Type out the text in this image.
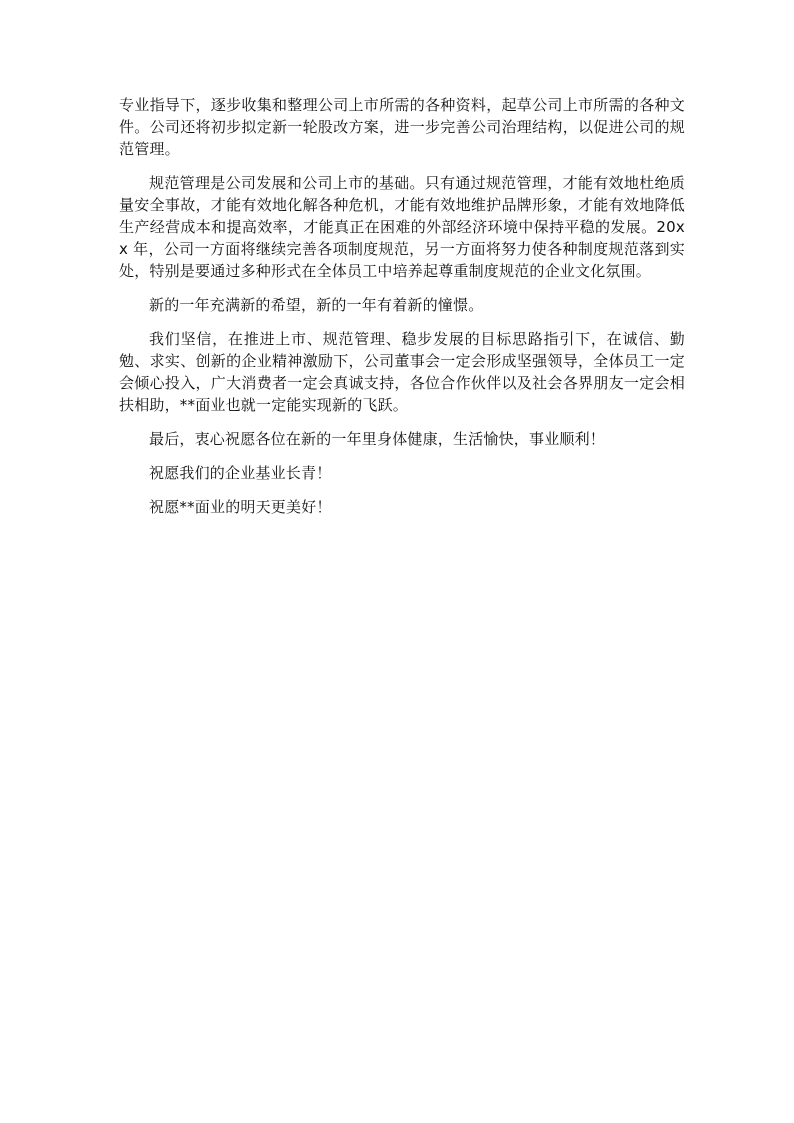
专业指导下，逐步收集和整理公司上市所需的各种资料，起草公司上市所需的各种文件。公司还将初步拟定新一轮股改方案，进一步完善公司治理结构，以促进公司的规范管理。

规范管理是公司发展和公司上市的基础。只有通过规范管理，才能有效地杜绝质量安全事故，才能有效地化解各种危机，才能有效地维护品牌形象，才能有效地降低生产经营成本和提高效率，才能真正在困难的外部经济环境中保持平稳的发展。20xx 年，公司一方面将继续完善各项制度规范，另一方面将努力使各种制度规范落到实处，特别是要通过多种形式在全体员工中培养起尊重制度规范的企业文化氛围。

新的一年充满新的希望，新的一年有着新的憧憬。

我们坚信，在推进上市、规范管理、稳步发展的目标思路指引下，在诚信、勤勉、求实、创新的企业精神激励下，公司董事会一定会形成坚强领导，全体员工一定会倾心投入，广大消费者一定会真诚支持，各位合作伙伴以及社会各界朋友一定会相扶相助，**面业也就一定能实现新的飞跃。

最后，衷心祝愿各位在新的一年里身体健康，生活愉快，事业顺利！

祝愿我们的企业基业长青！

祝愿**面业的明天更美好！
